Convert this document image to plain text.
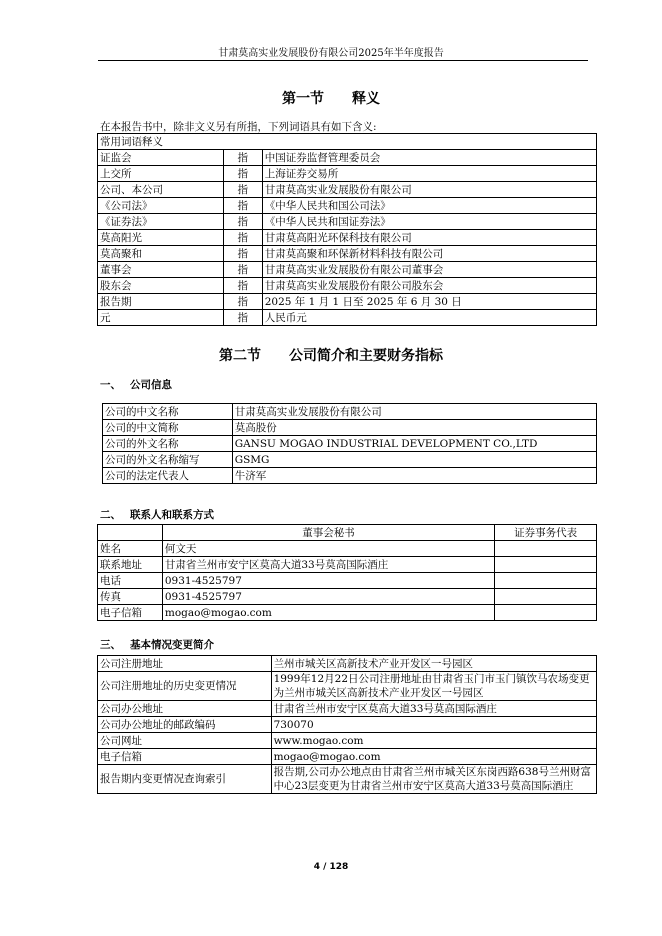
甘肃莫高实业发展股份有限公司2025年半年度报告
第一节 释义
在本报告书中，除非文义另有所指，下列词语具有如下含义:
常用词语释义		
证监会	指	中国证券监督管理委员会
上交所	指	上海证券交易所
公司、本公司	指	甘肃莫高实业发展股份有限公司
《公司法》	指	《中华人民共和国公司法》
《证券法》	指	《中华人民共和国证券法》
莫高阳光	指	甘肃莫高阳光环保科技有限公司
莫高聚和	指	甘肃莫高聚和环保新材料科技有限公司
董事会	指	甘肃莫高实业发展股份有限公司董事会
股东会	指	甘肃莫高实业发展股份有限公司股东会
报告期	指	2025 年 1 月 1 日至 2025 年 6 月 30 日
元	指	人民币元
第二节 公司简介和主要财务指标
一、 公司信息
公司的中文名称	甘肃莫高实业发展股份有限公司
公司的中文简称	莫高股份
公司的外文名称	GANSU MOGAO INDUSTRIAL DEVELOPMENT CO.,LTD
公司的外文名称缩写	GSMG
公司的法定代表人	牛济军
二、 联系人和联系方式
	董事会秘书	证券事务代表
姓名	何文天	
联系地址	甘肃省兰州市安宁区莫高大道33号莫高国际酒庄	
电话	0931-4525797	
传真	0931-4525797	
电子信箱	mogao@mogao.com	
三、 基本情况变更简介
公司注册地址	兰州市城关区高新技术产业开发区一号园区
公司注册地址的历史变更情况	1999年12月22日公司注册地址由甘肃省玉门市玉门镇饮马农场变更为兰州市城关区高新技术产业开发区一号园区
公司办公地址	甘肃省兰州市安宁区莫高大道33号莫高国际酒庄
公司办公地址的邮政编码	730070
公司网址	www.mogao.com
电子信箱	mogao@mogao.com
报告期内变更情况查询索引	报告期,公司办公地点由甘肃省兰州市城关区东岗西路638号兰州财富中心23层变更为甘肃省兰州市安宁区莫高大道33号莫高国际酒庄
4 / 128
